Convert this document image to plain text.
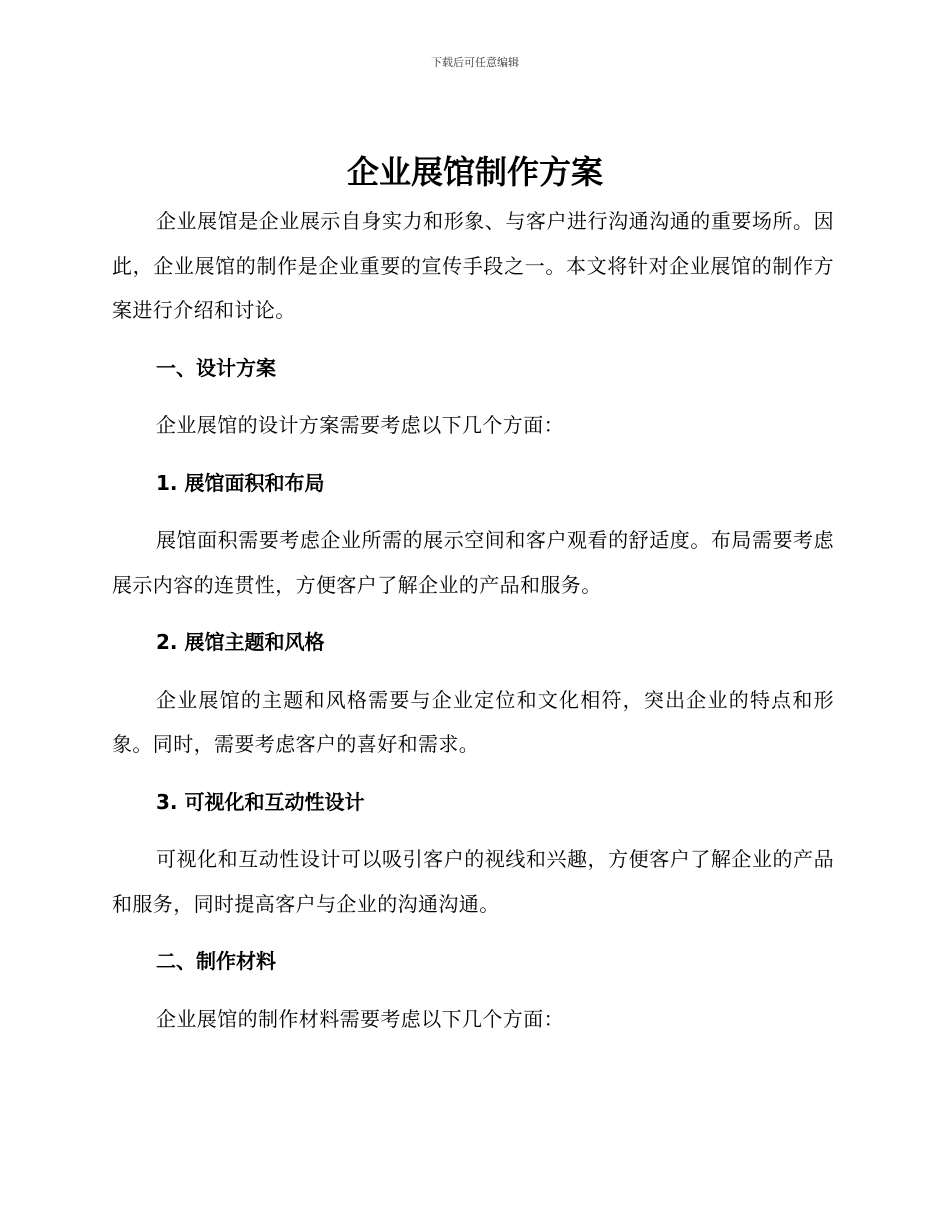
下载后可任意编辑
企业展馆制作方案

企业展馆是企业展示自身实力和形象、与客户进行沟通沟通的重要场所。因此，企业展馆的制作是企业重要的宣传手段之一。本文将针对企业展馆的制作方案进行介绍和讨论。

一、设计方案

企业展馆的设计方案需要考虑以下几个方面：

1. 展馆面积和布局

展馆面积需要考虑企业所需的展示空间和客户观看的舒适度。布局需要考虑展示内容的连贯性，方便客户了解企业的产品和服务。

2. 展馆主题和风格

企业展馆的主题和风格需要与企业定位和文化相符，突出企业的特点和形象。同时，需要考虑客户的喜好和需求。

3. 可视化和互动性设计

可视化和互动性设计可以吸引客户的视线和兴趣，方便客户了解企业的产品和服务，同时提高客户与企业的沟通沟通。

二、制作材料

企业展馆的制作材料需要考虑以下几个方面：
